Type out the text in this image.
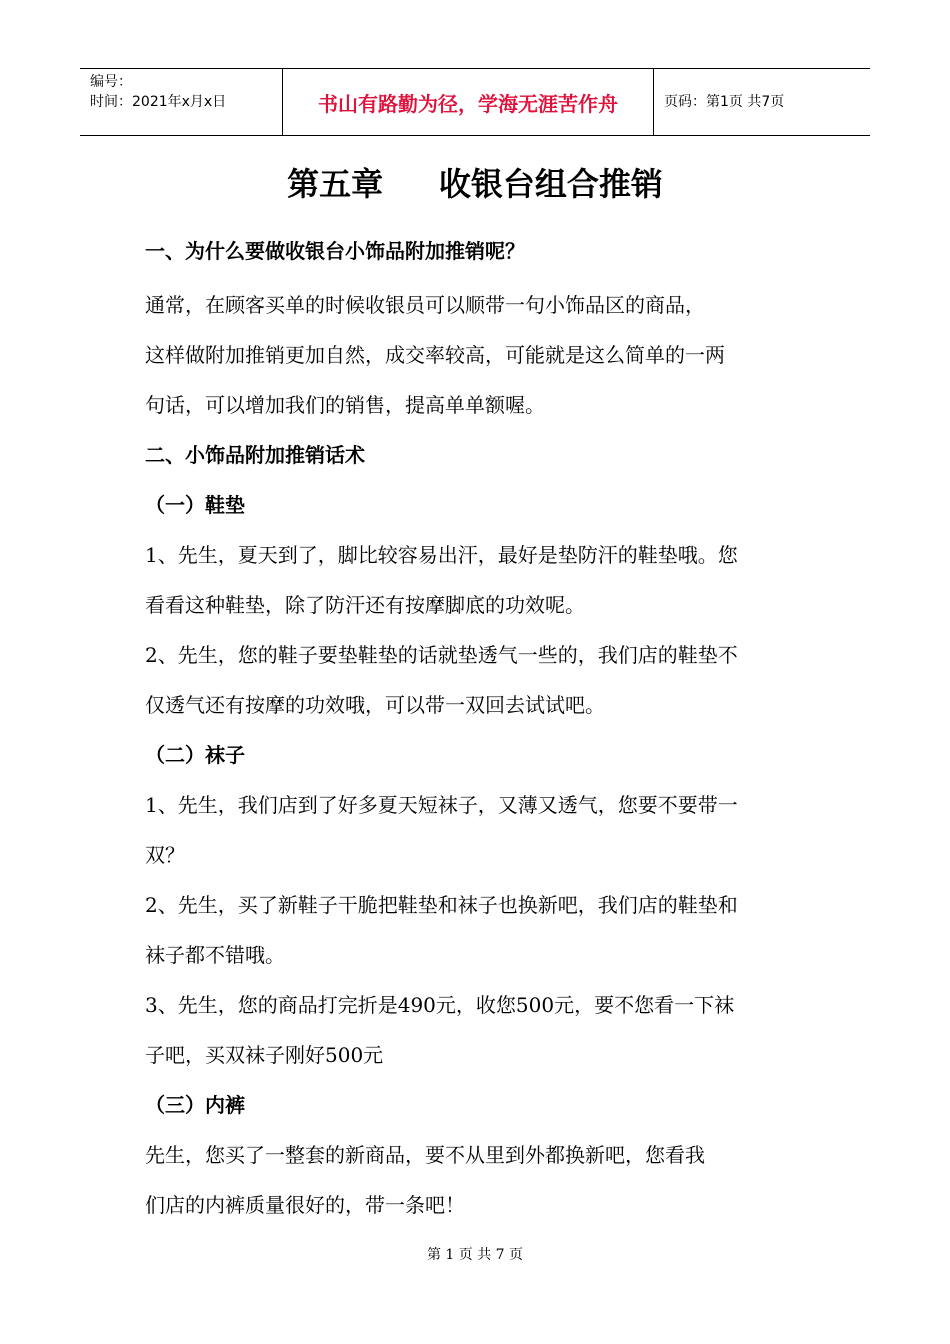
编号：
时间：2021年x月x日	书山有路勤为径，学海无涯苦作舟	页码：第1页 共7页
第五章     收银台组合推销
一、为什么要做收银台小饰品附加推销呢？
通常，在顾客买单的时候收银员可以顺带一句小饰品区的商品，
这样做附加推销更加自然，成交率较高，可能就是这么简单的一两
句话，可以增加我们的销售，提高单单额喔。
二、小饰品附加推销话术
（一）鞋垫
1、先生，夏天到了，脚比较容易出汗，最好是垫防汗的鞋垫哦。您
看看这种鞋垫，除了防汗还有按摩脚底的功效呢。
2、先生，您的鞋子要垫鞋垫的话就垫透气一些的，我们店的鞋垫不
仅透气还有按摩的功效哦，可以带一双回去试试吧。
（二）袜子
1、先生，我们店到了好多夏天短袜子，又薄又透气，您要不要带一
双？
2、先生，买了新鞋子干脆把鞋垫和袜子也换新吧，我们店的鞋垫和
袜子都不错哦。
3、先生，您的商品打完折是490元，收您500元，要不您看一下袜
子吧，买双袜子刚好500元
（三）内裤
先生，您买了一整套的新商品，要不从里到外都换新吧，您看我
们店的内裤质量很好的，带一条吧！
第 1 页 共 7 页
